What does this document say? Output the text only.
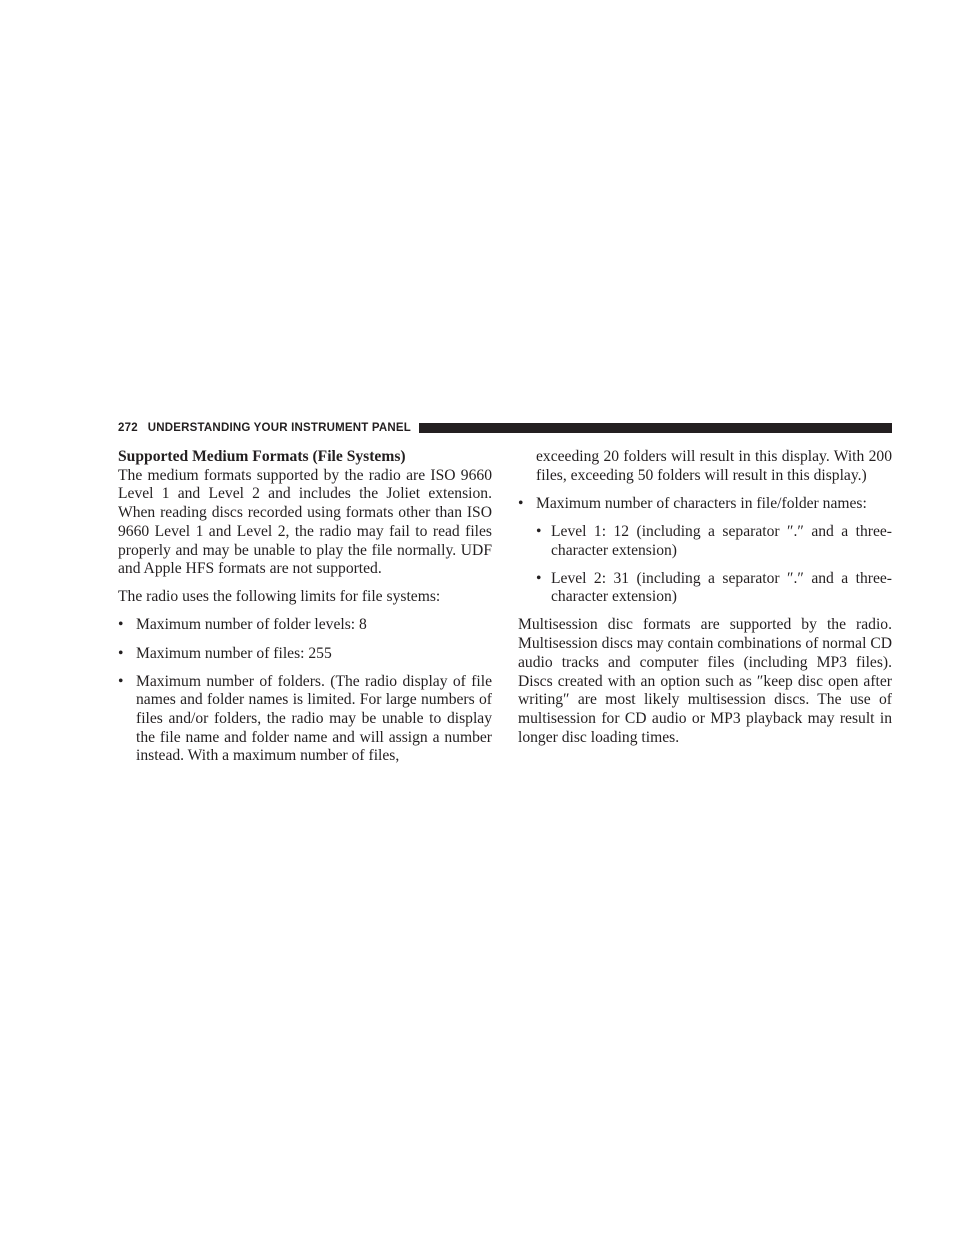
272 UNDERSTANDING YOUR INSTRUMENT PANEL
Supported Medium Formats (File Systems)

The medium formats supported by the radio are ISO 9660 Level 1 and Level 2 and includes the Joliet extension. When reading discs recorded using formats other than ISO 9660 Level 1 and Level 2, the radio may fail to read files properly and may be unable to play the file normally. UDF and Apple HFS formats are not supported.

The radio uses the following limits for file systems:

• Maximum number of folder levels: 8
• Maximum number of files: 255
• Maximum number of folders. (The radio display of file names and folder names is limited. For large numbers of files and/or folders, the radio may be unable to display the file name and folder name and will assign a number instead. With a maximum number of files,
exceeding 20 folders will result in this display. With 200 files, exceeding 50 folders will result in this display.)
• Maximum number of characters in file/folder names:
• Level 1: 12 (including a separator ″.″ and a three-character extension)
• Level 2: 31 (including a separator ″.″ and a three-character extension)

Multisession disc formats are supported by the radio. Multisession discs may contain combinations of normal CD audio tracks and computer files (including MP3 files). Discs created with an option such as ″keep disc open after writing″ are most likely multisession discs. The use of multisession for CD audio or MP3 playback may result in longer disc loading times.
